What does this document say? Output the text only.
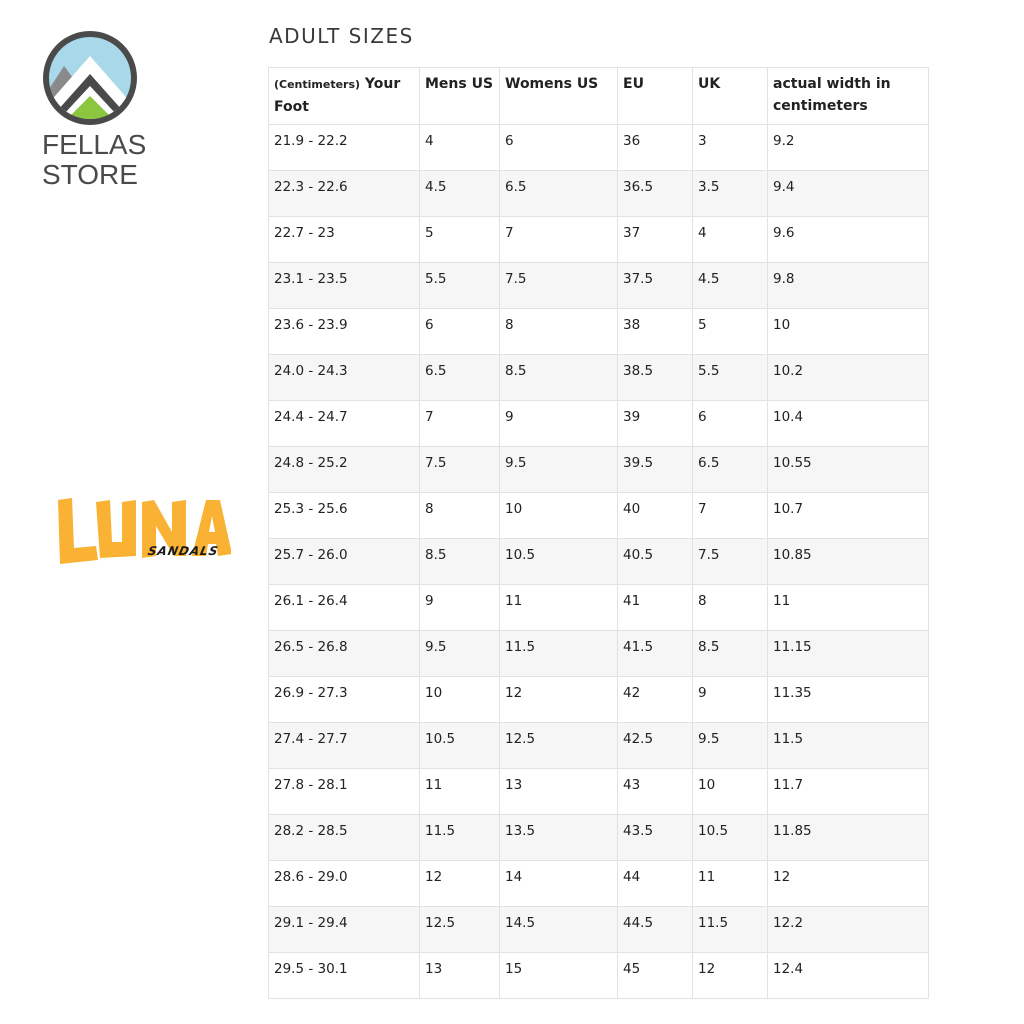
FELLAS
STORE
SANDALS
ADULT SIZES
(Centimeters) Your Foot	Mens US	Womens US	EU	UK	actual width in centimeters
21.9 - 22.2	4	6	36	3	9.2
22.3 - 22.6	4.5	6.5	36.5	3.5	9.4
22.7 - 23	5	7	37	4	9.6
23.1 - 23.5	5.5	7.5	37.5	4.5	9.8
23.6 - 23.9	6	8	38	5	10
24.0 - 24.3	6.5	8.5	38.5	5.5	10.2
24.4 - 24.7	7	9	39	6	10.4
24.8 - 25.2	7.5	9.5	39.5	6.5	10.55
25.3 - 25.6	8	10	40	7	10.7
25.7 - 26.0	8.5	10.5	40.5	7.5	10.85
26.1 - 26.4	9	11	41	8	11
26.5 - 26.8	9.5	11.5	41.5	8.5	11.15
26.9 - 27.3	10	12	42	9	11.35
27.4 - 27.7	10.5	12.5	42.5	9.5	11.5
27.8 - 28.1	11	13	43	10	11.7
28.2 - 28.5	11.5	13.5	43.5	10.5	11.85
28.6 - 29.0	12	14	44	11	12
29.1 - 29.4	12.5	14.5	44.5	11.5	12.2
29.5 - 30.1	13	15	45	12	12.4
